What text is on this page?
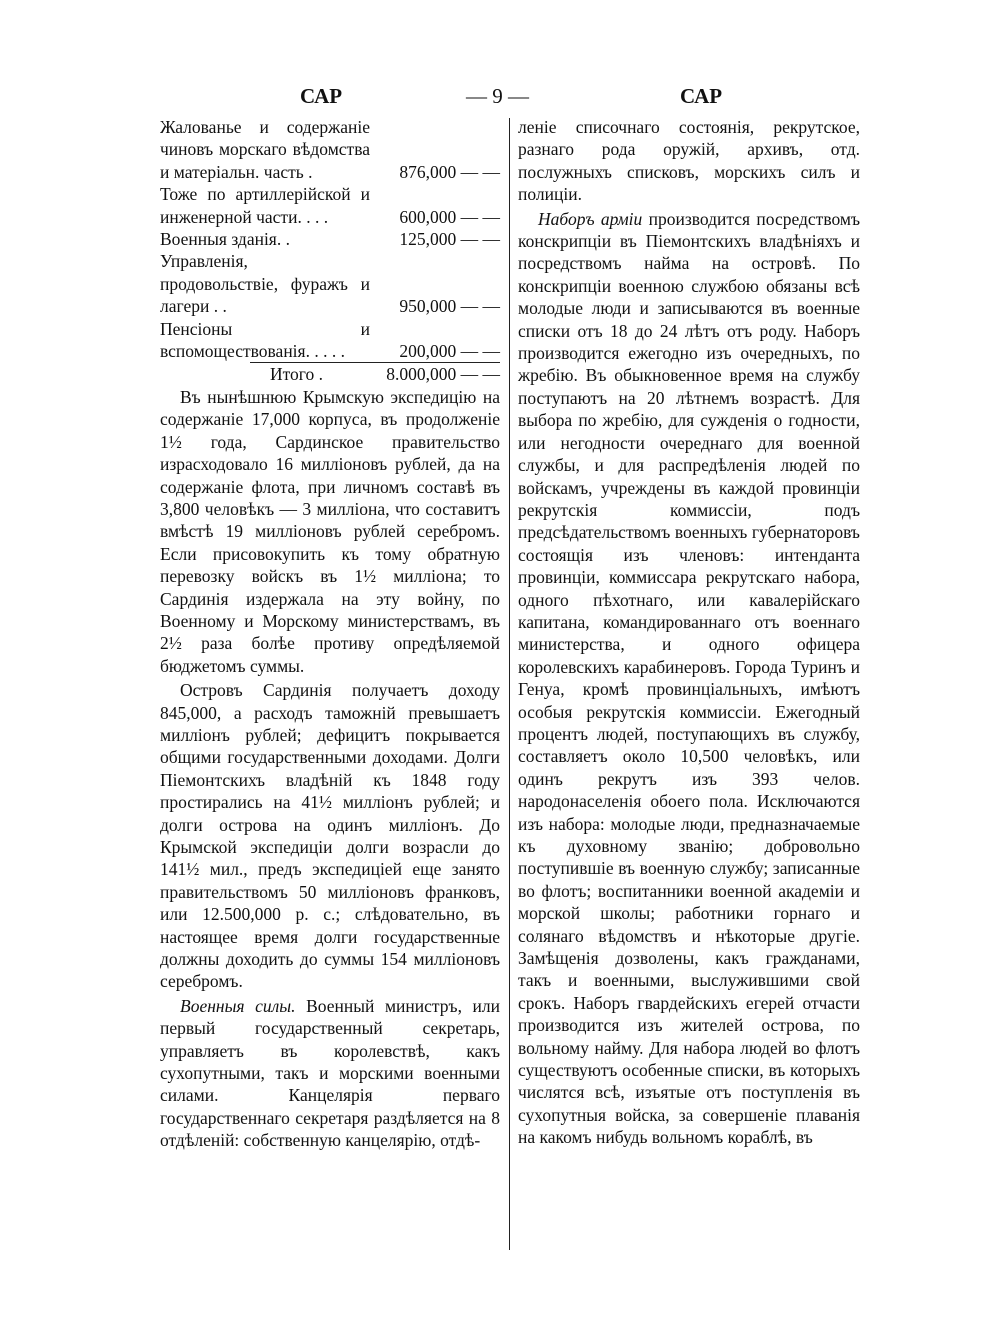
САР	— 9 —	САР
Жалованье и содержаніе чиновъ морскаго вѣдомства и матеріальн. часть .	876,000 — —
Тоже по артиллерійской и инженерной части. . . .	600,000 — —
Военныя зданія. .	125,000 — —
Управленія, продовольствіе, фуражъ и лагери . .	950,000 — —
Пенсіоны и вспомоществованія. . . . .	200,000 — —
Итого .	8.000,000 — —

Въ нынѣшнюю Крымскую экспедицію на содержаніе 17,000 корпуса, въ продолженіе 1½ года, Сардинское правительство израсходовало 16 милліоновъ рублей, да на содержаніе флота, при личномъ составѣ въ 3,800 человѣкъ — 3 милліона, что составитъ вмѣстѣ 19 милліоновъ рублей серебромъ. Если присовокупить къ тому обратную перевозку войскъ въ 1½ милліона; то Сардинія издержала на эту войну, по Военному и Морскому министерствамъ, въ 2½ раза болѣе противу опредѣляемой бюджетомъ суммы.

Островъ Сардинія получаетъ доходу 845,000, а расходъ таможнiй превышаетъ милліонъ рублей; дефицитъ покрывается общими государственными доходами. Долги Піемонтскихъ владѣній къ 1848 году простирались на 41½ милліонъ рублей; и долги острова на одинъ милліонъ. До Крымской экспедиціи долги возрасли до 141½ мил., предъ экспедиціей еще занято правительствомъ 50 милліоновъ франковъ, или 12.500,000 р. с.; слѣдовательно, въ настоящее время долги государственные должны доходить до суммы 154 милліоновъ серебромъ.

Военныя силы. Военный министръ, или первый государственный секретарь, управляетъ въ королевствѣ, какъ сухопутными, такъ и морскими военными силами. Канцелярія перваго государственнаго секретаря раздѣляется на 8 отдѣленій: собственную канцелярію, отдѣ-

леніе списочнаго состоянія, рекрутское, разнаго рода оружій, архивъ, отд. послужныхъ списковъ, морскихъ силъ и полиціи.

Наборъ арміи производится посредствомъ конскрипціи въ Піемонтскихъ владѣніяхъ и посредствомъ найма на островѣ. По конскрипціи военною службою обязаны всѣ молодые люди и записываются въ военные списки отъ 18 до 24 лѣтъ отъ роду. Наборъ производится ежегодно изъ очередныхъ, по жребію. Въ обыкновенное время на службу поступаютъ на 20 лѣтнемъ возрастѣ. Для выбора по жребію, для сужденія о годности, или негодности очереднаго для военной службы, и для распредѣленія людей по войскамъ, учреждены въ каждой провинціи рекрутскія коммиссіи, подъ предсѣдательствомъ военныхъ губернаторовъ состоящія изъ членовъ: интенданта провинціи, коммиссара рекрутскаго набора, одного пѣхотнаго, или кавалерійскаго капитана, командированнаго отъ военнаго министерства, и одного офицера королевскихъ карабинеровъ. Города Туринъ и Генуа, кромѣ провинціальныхъ, имѣютъ особыя рекрутскія коммиссіи. Ежегодный процентъ людей, поступающихъ въ службу, составляетъ около 10,500 человѣкъ, или одинъ рекрутъ изъ 393 челов. народонаселенія обоего пола. Исключаются изъ набора: молодые люди, предназначаемые къ духовному званію; добровольно поступившіе въ военную службу; записанные во флотъ; воспитанники военной академіи и морской школы; работники горнаго и солянаго вѣдомствъ и нѣкоторые другіе. Замѣщенія дозволены, какъ гражданами, такъ и военными, выслужившими свой срокъ. Наборъ гвардейскихъ егерей отчасти производится изъ жителей острова, по вольному найму. Для набора людей во флотъ существуютъ особенные списки, въ которыхъ числятся всѣ, изъятые отъ поступленія въ сухопутныя войска, за совершеніе плаванія на какомъ нибудь вольномъ кораблѣ, въ
